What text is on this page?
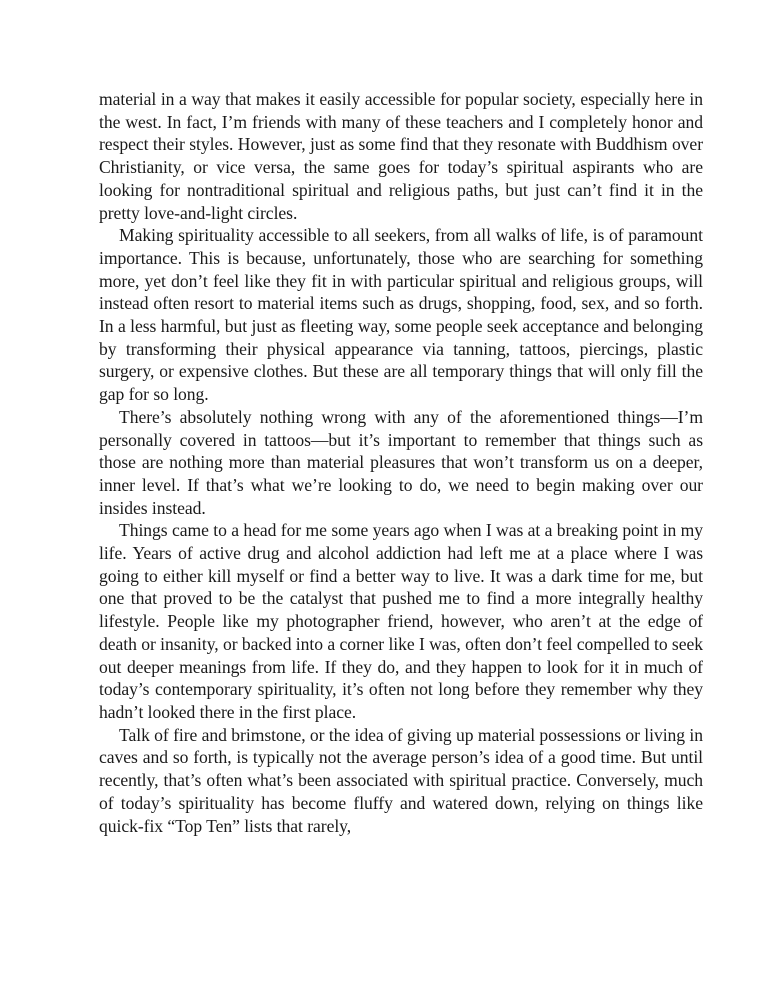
material in a way that makes it easily accessible for popular society, especially here in the west. In fact, I’m friends with many of these teachers and I completely honor and respect their styles. However, just as some find that they resonate with Buddhism over Christianity, or vice versa, the same goes for today’s spiritual aspirants who are looking for nontraditional spiritual and religious paths, but just can’t find it in the pretty love-and-light circles.

Making spirituality accessible to all seekers, from all walks of life, is of paramount importance. This is because, unfortunately, those who are searching for something more, yet don’t feel like they fit in with particular spiritual and religious groups, will instead often resort to material items such as drugs, shopping, food, sex, and so forth. In a less harmful, but just as fleeting way, some people seek acceptance and belonging by transforming their physical appearance via tanning, tattoos, piercings, plastic surgery, or expensive clothes. But these are all temporary things that will only fill the gap for so long.

There’s absolutely nothing wrong with any of the aforementioned things—I’m personally covered in tattoos—but it’s important to remember that things such as those are nothing more than material pleasures that won’t transform us on a deeper, inner level. If that’s what we’re looking to do, we need to begin making over our insides instead.

Things came to a head for me some years ago when I was at a breaking point in my life. Years of active drug and alcohol addiction had left me at a place where I was going to either kill myself or find a better way to live. It was a dark time for me, but one that proved to be the catalyst that pushed me to find a more integrally healthy lifestyle. People like my photographer friend, however, who aren’t at the edge of death or insanity, or backed into a corner like I was, often don’t feel compelled to seek out deeper meanings from life. If they do, and they happen to look for it in much of today’s contemporary spirituality, it’s often not long before they remember why they hadn’t looked there in the first place.

Talk of fire and brimstone, or the idea of giving up material possessions or living in caves and so forth, is typically not the average person’s idea of a good time. But until recently, that’s often what’s been associated with spiritual practice. Conversely, much of today’s spirituality has become fluffy and watered down, relying on things like quick-fix “Top Ten” lists that rarely,
